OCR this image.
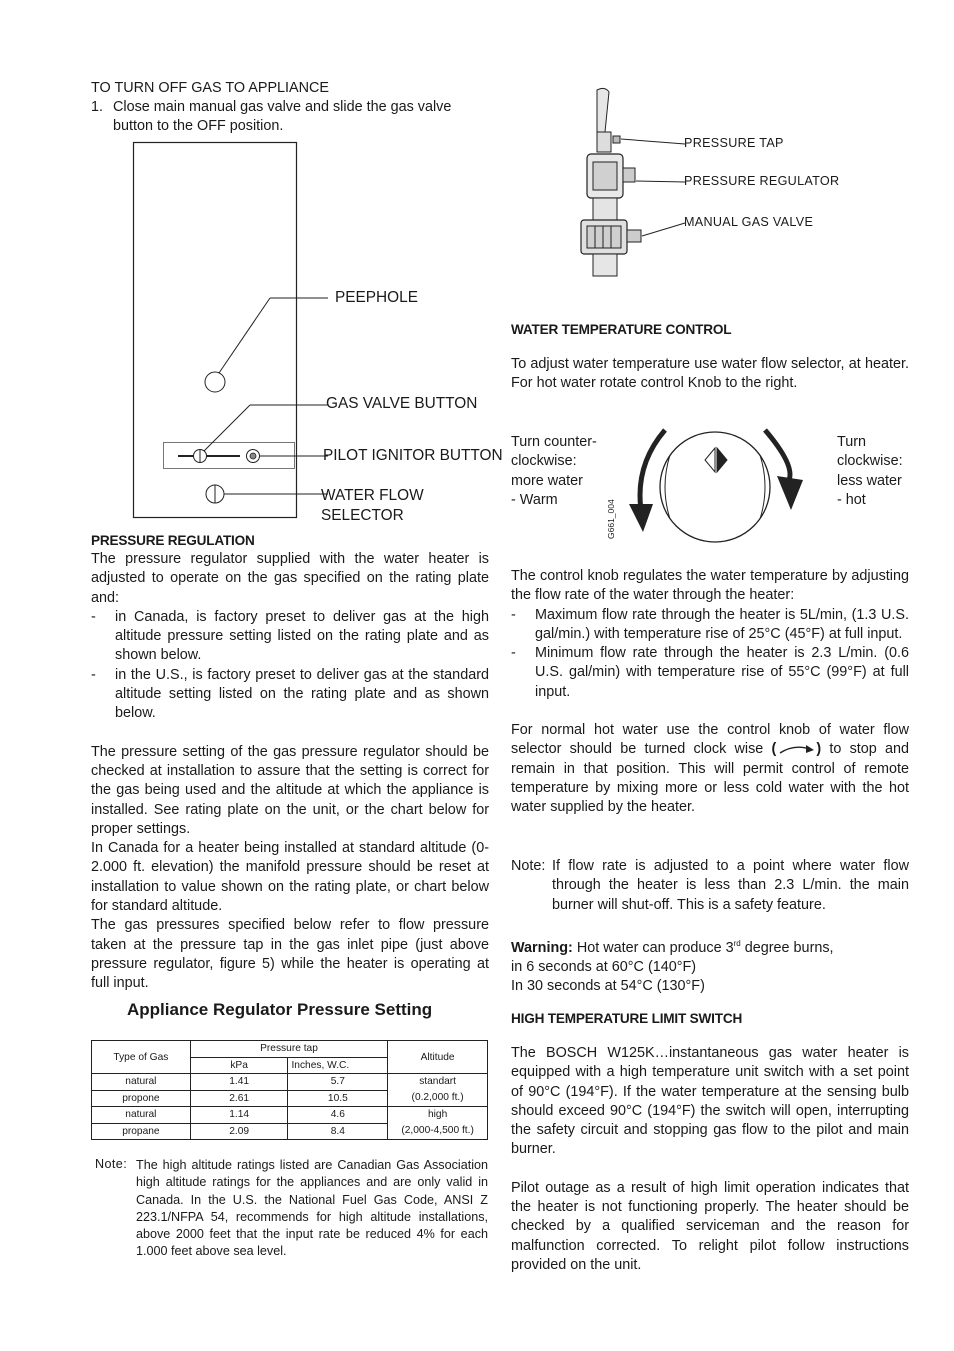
TO TURN OFF GAS TO APPLIANCE
1. Close main manual gas valve and slide the gas valve button to the OFF position.
PEEPHOLE
GAS VALVE BUTTON
PILOT IGNITOR BUTTON
WATER FLOW
SELECTOR
PRESSURE REGULATION

The pressure regulator supplied with the water heater is adjusted to operate on the gas specified on the rating plate and:

- in Canada, is factory preset to deliver gas at the high altitude pressure setting listed on the rating plate and as shown below.
- in the U.S., is factory preset to deliver gas at the standard altitude setting listed on the rating plate and as shown below.

The pressure setting of the gas pressure regulator should be checked at installation to assure that the setting is correct for the gas being used and the altitude at which the appliance is installed. See rating plate on the unit, or the chart below for proper settings.

In Canada for a heater being installed at standard altitude (0- 2.000 ft. elevation) the manifold pressure should be reset at installation to value shown on the rating plate, or chart below for standard altitude.

The gas pressures specified below refer to flow pressure taken at the pressure tap in the gas inlet pipe (just above pressure regulator, figure 5) while the heater is operating at full input.

Appliance Regulator Pressure Setting
Type of Gas	Pressure tap		Altitude
	kPa	Inches, W.C.	
natural	1.41	5.7	standart
(0.2,000 ft.)
propone	2.61	10.5	
natural	1.14	4.6	high
(2,000-4,500 ft.)
propane	2.09	8.4	
Note: The high altitude ratings listed are Canadian Gas Association high altitude ratings for the appliances and are only valid in Canada. In the U.S. the National Fuel Gas Code, ANSI Z 223.1/NFPA 54, recommends for high altitude installations, above 2000 feet that the input rate be reduced 4% for each 1.000 feet above sea level.
PRESSURE TAP
PRESSURE REGULATOR
MANUAL GAS VALVE
WATER TEMPERATURE CONTROL

To adjust water temperature use water flow selector, at heater. For hot water rotate control Knob to the right.

Turn counter-
clockwise:
more water
- Warm
Turn
clockwise:
less water
- hot
G661_004

The control knob regulates the water temperature by adjusting the flow rate of the water through the heater:

- Maximum flow rate through the heater is 5L/min, (1.3 U.S. gal/min.) with temperature rise of 25°C (45°F) at full input.
- Minimum flow rate through the heater is 2.3 L/min. (0.6 U.S. gal/min) with temperature rise of 55°C (99°F) at full input.

For normal hot water use the control knob of water flow selector should be turned clock wise (	) to stop and remain in that position. This will permit control of remote temperature by mixing more or less cold water with the hot water supplied by the heater.

Note: If flow rate is adjusted to a point where water flow through the heater is less than 2.3 L/min. the main burner will shut-off. This is a safety feature.
Warning: Hot water can produce 3rd degree burns,
in 6 seconds at 60°C (140°F)
In 30 seconds at 54°C (130°F)
HIGH TEMPERATURE LIMIT SWITCH

The BOSCH W125K…instantaneous gas water heater is equipped with a high temperature unit switch with a set point of 90°C (194°F). If the water temperature at the sensing bulb should exceed 90°C (194°F) the switch will open, interrupting the safety circuit and stopping gas flow to the pilot and main burner.

Pilot outage as a result of high limit operation indicates that the heater is not functioning properly. The heater should be checked by a qualified serviceman and the reason for malfunction corrected. To relight pilot follow instructions provided on the unit.
